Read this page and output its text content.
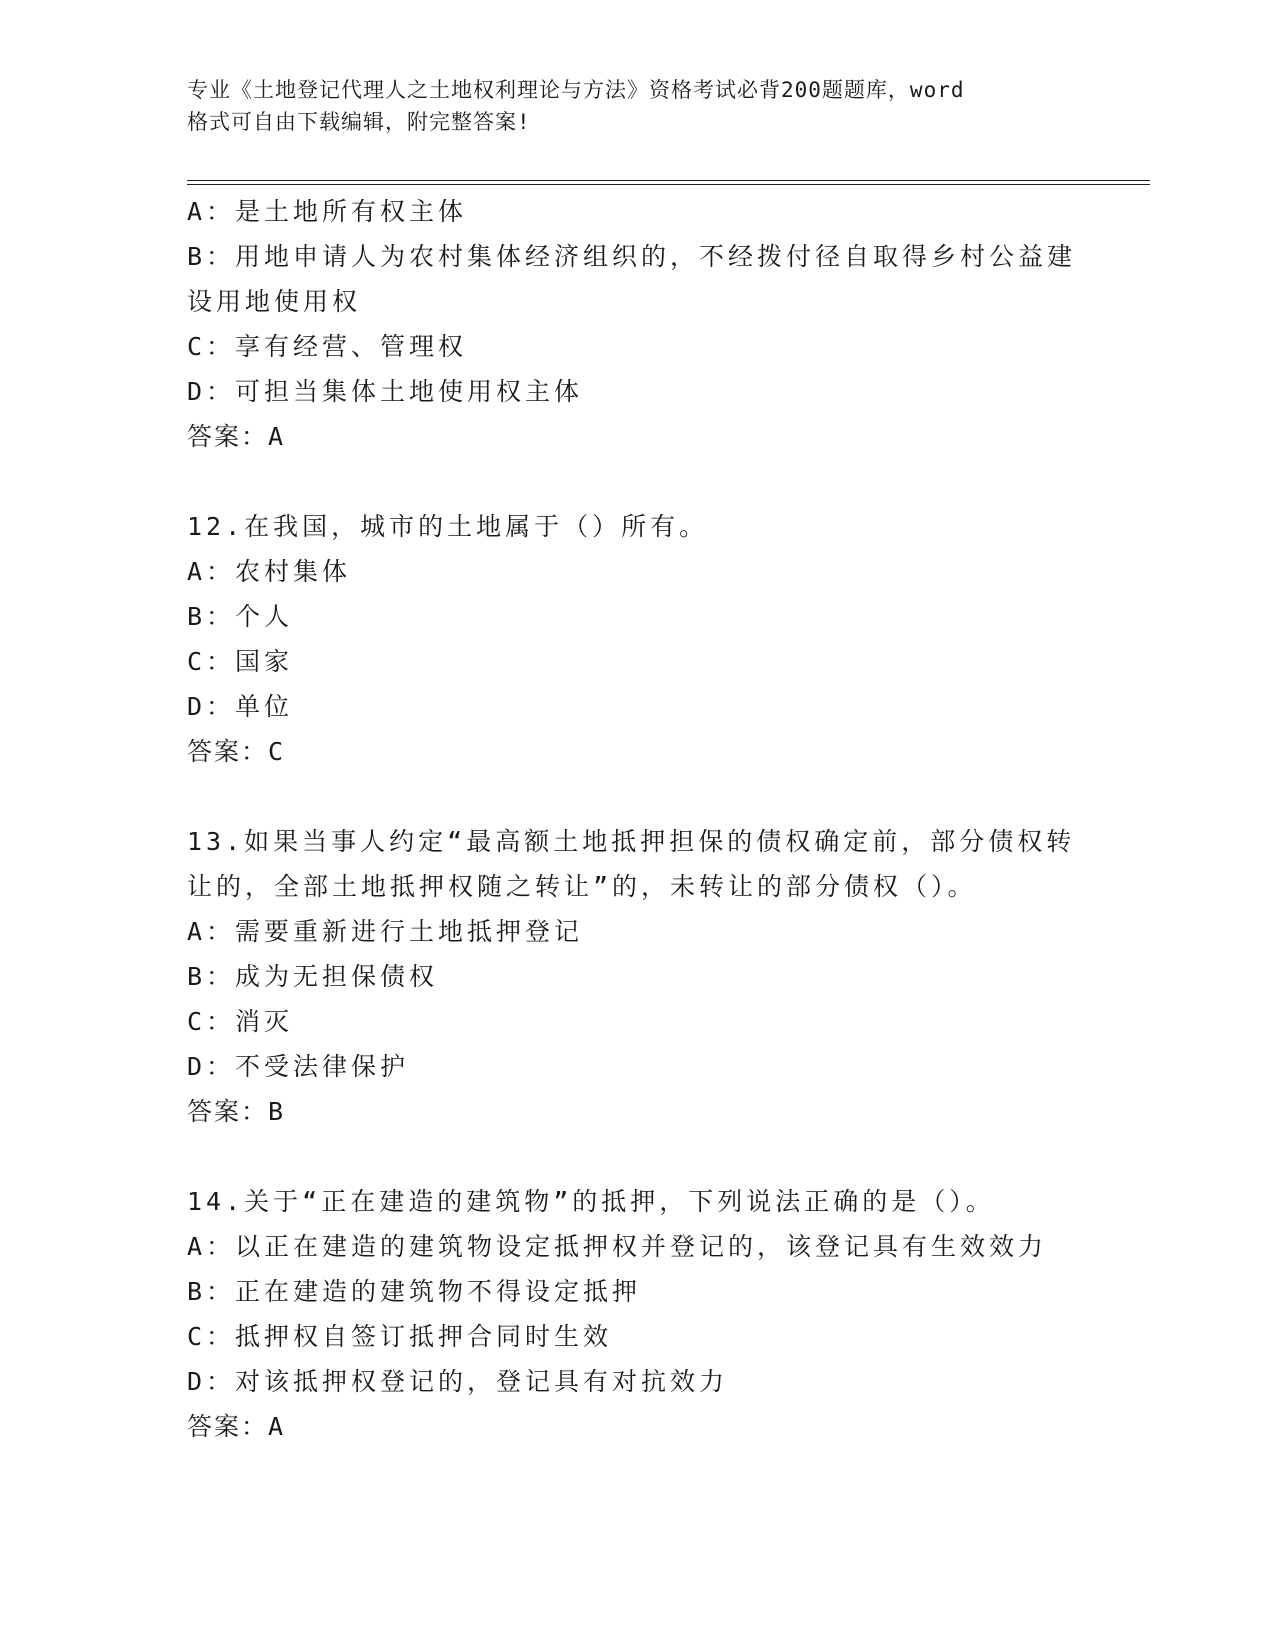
专业《土地登记代理人之土地权利理论与方法》资格考试必背200题题库，word
格式可自由下载编辑，附完整答案!
A：是土地所有权主体
B：用地申请人为农村集体经济组织的，不经拨付径自取得乡村公益建
设用地使用权
C：享有经营、管理权
D：可担当集体土地使用权主体
答案：A
12.在我国，城市的土地属于（）所有。
A：农村集体
B：个人
C：国家
D：单位
答案：C
13.如果当事人约定“最高额土地抵押担保的债权确定前，部分债权转
让的，全部土地抵押权随之转让”的，未转让的部分债权（）。
A：需要重新进行土地抵押登记
B：成为无担保债权
C：消灭
D：不受法律保护
答案：B
14.关于“正在建造的建筑物”的抵押，下列说法正确的是（）。
A：以正在建造的建筑物设定抵押权并登记的，该登记具有生效效力
B：正在建造的建筑物不得设定抵押
C：抵押权自签订抵押合同时生效
D：对该抵押权登记的，登记具有对抗效力
答案：A
